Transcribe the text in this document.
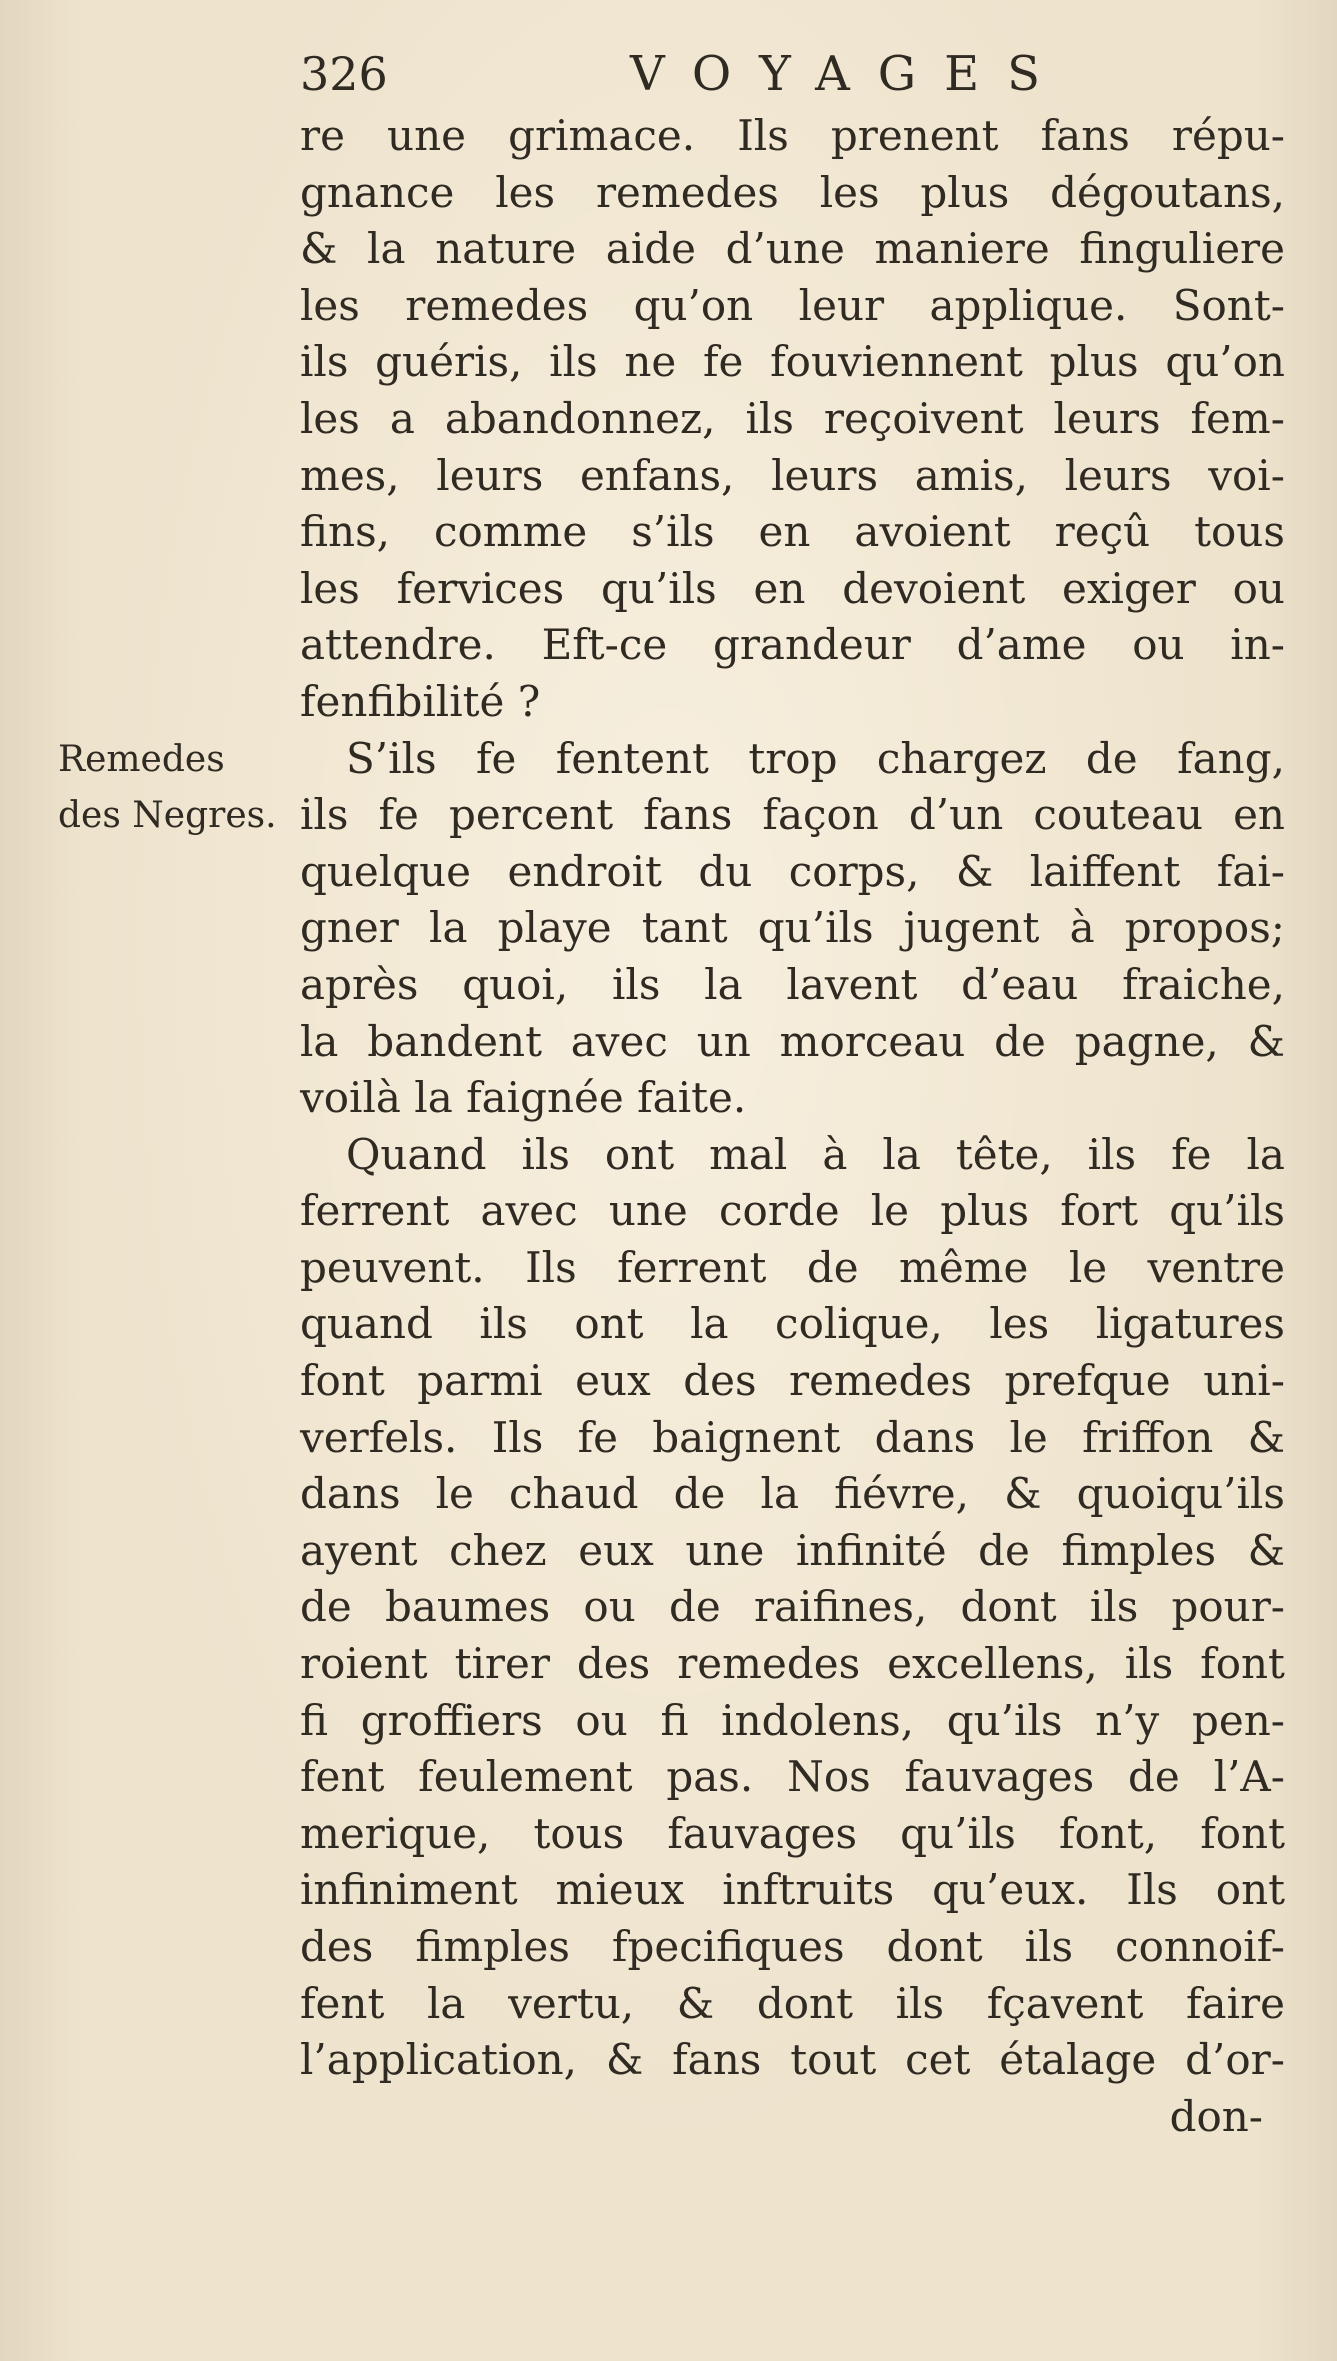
326	VOYAGES
Remedes
des Negres.
re une grimace. Ils prenent fans répu-
gnance les remedes les plus dégoutans,
& la nature aide d’une maniere finguliere
les remedes qu’on leur applique. Sont-
ils guéris, ils ne fe fouviennent plus qu’on
les a abandonnez, ils reçoivent leurs fem-
mes, leurs enfans, leurs amis, leurs voi-
fins, comme s’ils en avoient reçû tous
les fervices qu’ils en devoient exiger ou
attendre. Eft-ce grandeur d’ame ou in-
fenfibilité ?
S’ils fe fentent trop chargez de fang,
ils fe percent fans façon d’un couteau en
quelque endroit du corps, & laiffent fai-
gner la playe tant qu’ils jugent à propos;
après quoi, ils la lavent d’eau fraiche,
la bandent avec un morceau de pagne, &
voilà la faignée faite.
Quand ils ont mal à la tête, ils fe la
ferrent avec une corde le plus fort qu’ils
peuvent. Ils ferrent de même le ventre
quand ils ont la colique, les ligatures
font parmi eux des remedes prefque uni-
verfels. Ils fe baignent dans le friffon &
dans le chaud de la fiévre, & quoiqu’ils
ayent chez eux une infinité de fimples &
de baumes ou de raifines, dont ils pour-
roient tirer des remedes excellens, ils font
fi groffiers ou fi indolens, qu’ils n’y pen-
fent feulement pas. Nos fauvages de l’A-
merique, tous fauvages qu’ils font, font
infiniment mieux inftruits qu’eux. Ils ont
des fimples fpecifiques dont ils connoif-
fent la vertu, & dont ils fçavent faire
l’application, & fans tout cet étalage d’or-
don-
